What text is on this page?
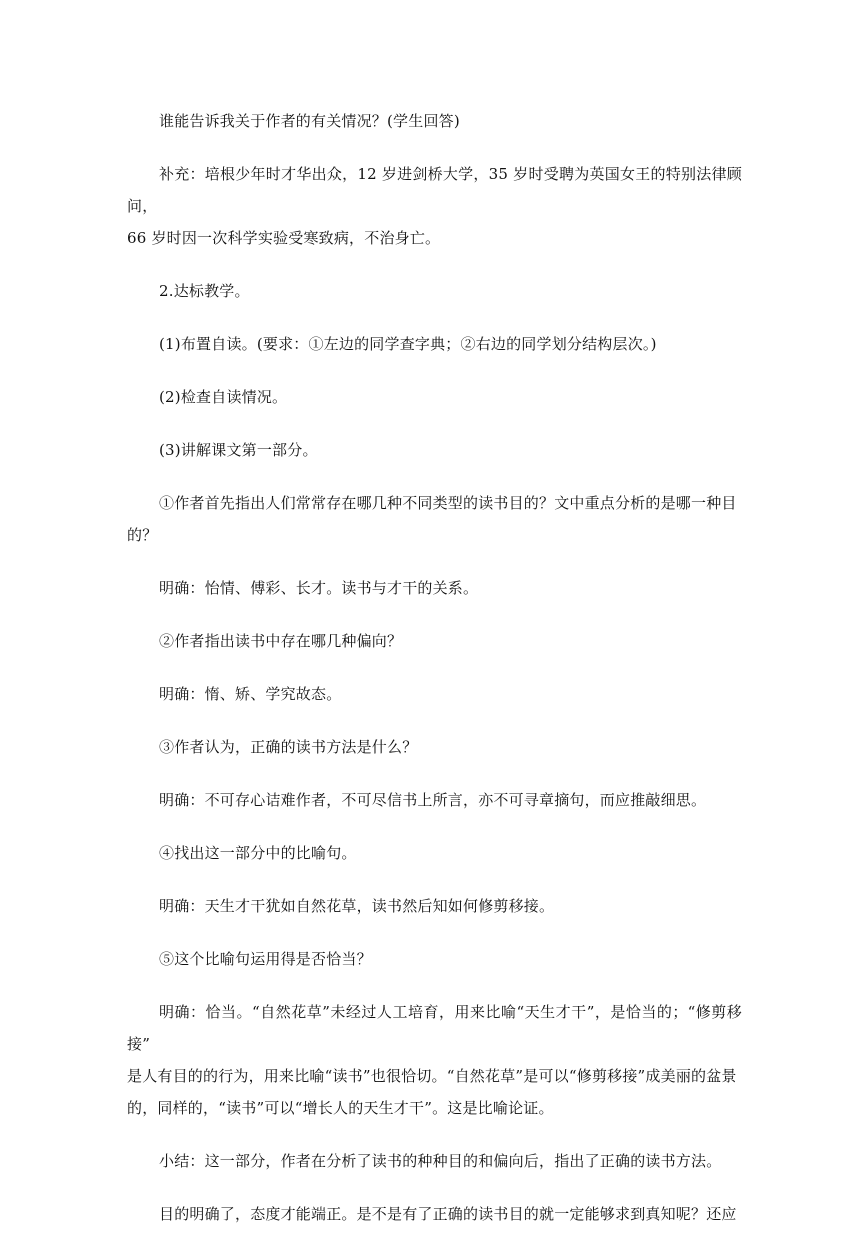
谁能告诉我关于作者的有关情况？(学生回答)

补充：培根少年时才华出众，12 岁进剑桥大学，35 岁时受聘为英国女王的特别法律顾问，
66 岁时因一次科学实验受寒致病，不治身亡。

2.达标教学。

(1)布置自读。(要求：①左边的同学查字典；②右边的同学划分结构层次。)

(2)检查自读情况。

(3)讲解课文第一部分。

①作者首先指出人们常常存在哪几种不同类型的读书目的？文中重点分析的是哪一种目
的？

明确：怡情、傅彩、长才。读书与才干的关系。

②作者指出读书中存在哪几种偏向？

明确：惰、矫、学究故态。

③作者认为，正确的读书方法是什么？

明确：不可存心诘难作者，不可尽信书上所言，亦不可寻章摘句，而应推敲细思。

④找出这一部分中的比喻句。

明确：天生才干犹如自然花草，读书然后知如何修剪移接。

⑤这个比喻句运用得是否恰当？

明确：恰当。“自然花草”未经过人工培育，用来比喻“天生才干”，是恰当的；“修剪移接”
是人有目的的行为，用来比喻“读书”也很恰切。“自然花草”是可以“修剪移接”成美丽的盆景
的，同样的，“读书”可以“增长人的天生才干”。这是比喻论证。

小结：这一部分，作者在分析了读书的种种目的和偏向后，指出了正确的读书方法。

目的明确了，态度才能端正。是不是有了正确的读书目的就一定能够求到真知呢？还应
